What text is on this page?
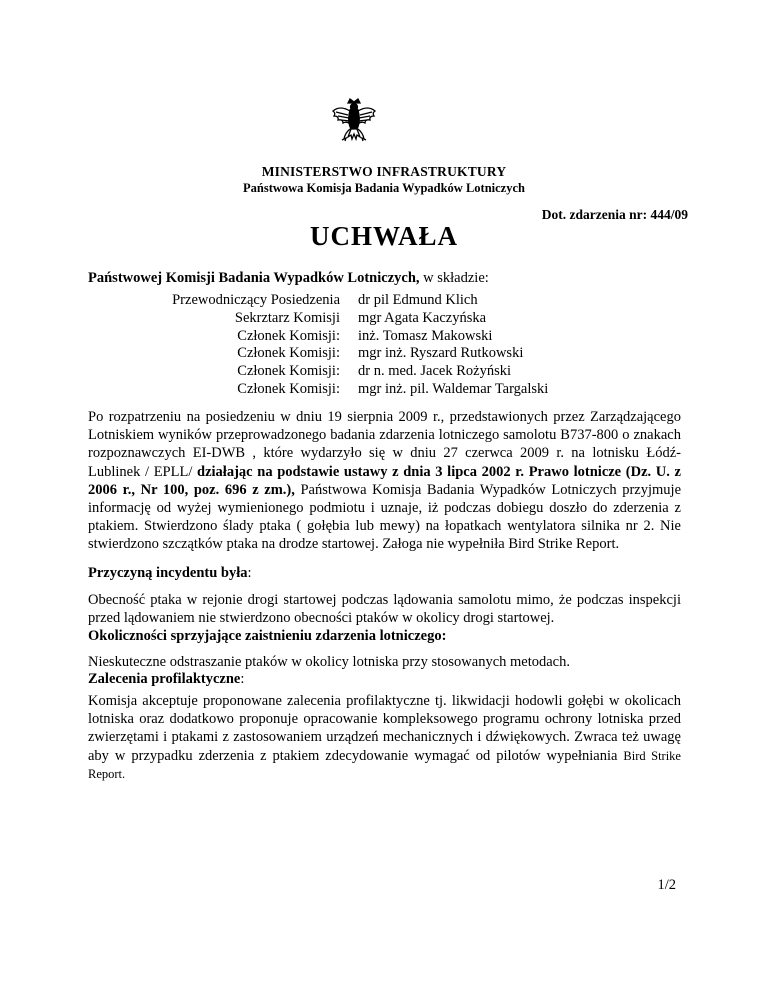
MINISTERSTWO INFRASTRUKTURY
Państwowa Komisja Badania Wypadków Lotniczych
Dot. zdarzenia nr: 444/09
UCHWAŁA
Państwowej Komisji Badania Wypadków Lotniczych, w składzie:
Przewodniczący Posiedzenia	dr pil Edmund Klich
Sekrztarz Komisji	mgr Agata Kaczyńska
Członek Komisji:	inż. Tomasz Makowski
Członek Komisji:	mgr inż. Ryszard Rutkowski
Członek Komisji:	dr n. med. Jacek Rożyński
Członek Komisji:	mgr inż. pil. Waldemar Targalski
Po rozpatrzeniu na posiedzeniu w dniu 19 sierpnia 2009 r., przedstawionych przez Zarządzającego Lotniskiem wyników przeprowadzonego badania zdarzenia lotniczego samolotu B737-800 o znakach rozpoznawczych EI-DWB , które wydarzyło się w dniu 27 czerwca 2009 r. na lotnisku Łódź-Lublinek / EPLL/ działając na podstawie ustawy z dnia 3 lipca 2002 r. Prawo lotnicze (Dz. U. z 2006 r., Nr 100, poz. 696 z zm.), Państwowa Komisja Badania Wypadków Lotniczych przyjmuje informację od wyżej wymienionego podmiotu i uznaje, iż podczas dobiegu doszło do zderzenia z ptakiem. Stwierdzono ślady ptaka ( gołębia lub mewy) na łopatkach wentylatora silnika nr 2. Nie stwierdzono szczątków ptaka na drodze startowej. Załoga nie wypełniła Bird Strike Report.
Przyczyną incydentu była:
Obecność ptaka w rejonie drogi startowej podczas lądowania samolotu mimo, że podczas inspekcji przed lądowaniem nie stwierdzono obecności ptaków w okolicy drogi startowej.
Okoliczności sprzyjające zaistnieniu zdarzenia lotniczego:
Nieskuteczne odstraszanie ptaków w okolicy lotniska przy stosowanych metodach.
Zalecenia profilaktyczne:
Komisja akceptuje proponowane zalecenia profilaktyczne tj. likwidacji hodowli gołębi w okolicach lotniska oraz dodatkowo proponuje opracowanie kompleksowego programu ochrony lotniska przed zwierzętami i ptakami z zastosowaniem urządzeń mechanicznych i dźwiękowych. Zwraca też uwagę aby w przypadku zderzenia z ptakiem zdecydowanie wymagać od pilotów wypełniania Bird Strike Report.
1/2
